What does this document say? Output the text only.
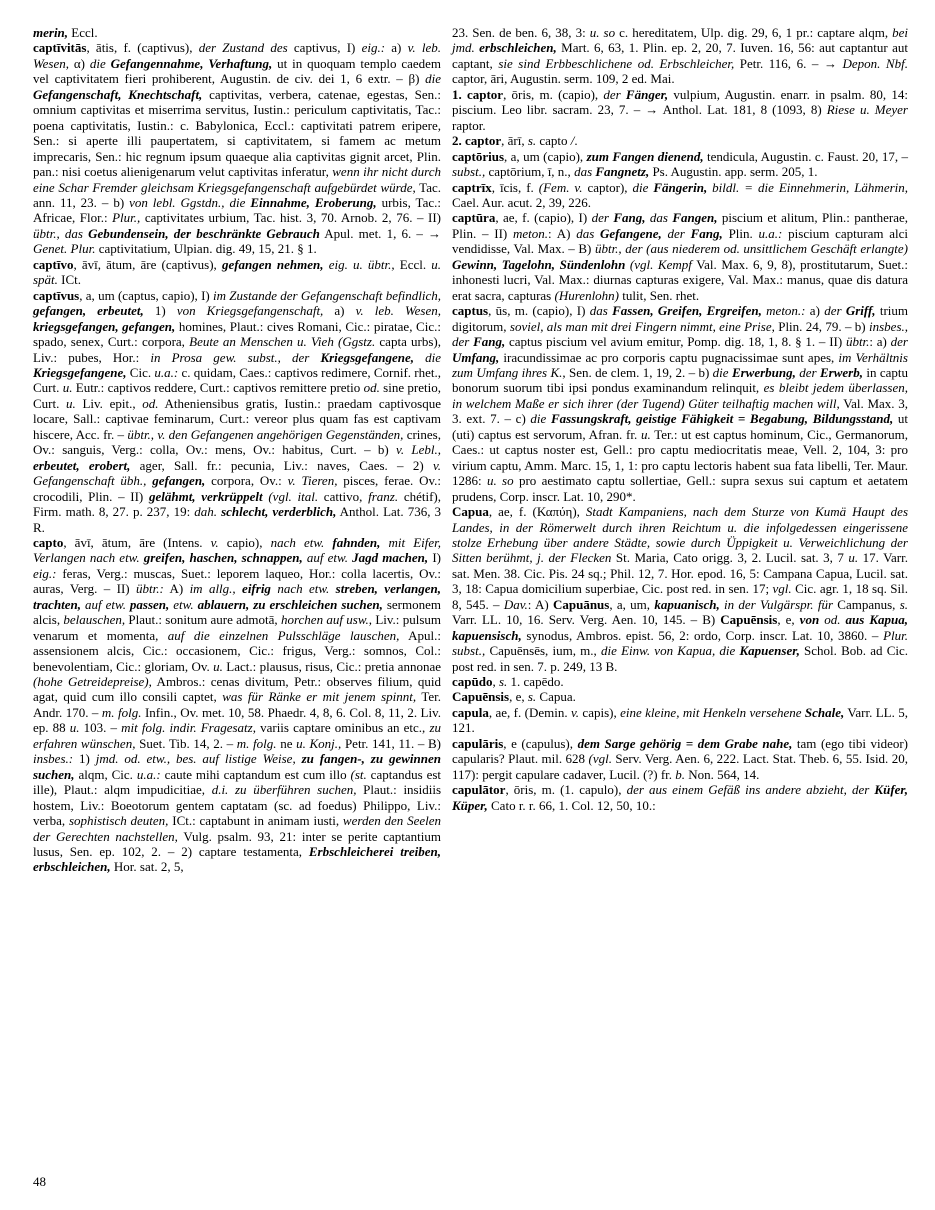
merin, Eccl.

captīvitās, ātis, f. (captivus), der Zustand des captivus, I) eig.: a) v. leb. Wesen, α) die Gefangennahme, Verhaftung, ut in quoquam templo caedem vel captivitatem fieri prohiberent, Augustin. de civ. dei 1, 6 extr. – β) die Gefangenschaft, Knechtschaft, captivitas, verbera, catenae, egestas, Sen.: omnium captivitas et miserrima servitus, Iustin.: periculum captivitatis, Tac.: poena captivitatis, Iustin.: c. Babylonica, Eccl.: captivitati patrem eripere, Sen.: si aperte illi paupertatem, si captivitatem, si famem ac metum imprecaris, Sen.: hic regnum ipsum quaeque alia captivitas gignit arcet, Plin. pan.: nisi coetus alienigenarum velut captivitas inferatur, wenn ihr nicht durch eine Schar Fremder gleichsam Kriegsgefangenschaft aufgebürdet würde, Tac. ann. 11, 23. – b) von lebl. Ggstdn., die Einnahme, Eroberung, urbis, Tac.: Africae, Flor.: Plur., captivitates urbium, Tac. hist. 3, 70. Arnob. 2, 76. – II) übtr., das Gebundensein, der beschränkte Gebrauch Apul. met. 1, 6. – → Genet. Plur. captivitatium, Ulpian. dig. 49, 15, 21. § 1.

captīvo, āvī, ātum, āre (captivus), gefangen nehmen, eig. u. übtr., Eccl. u. spät. ICt.

captīvus, a, um (captus, capio), I) im Zustande der Gefangenschaft befindlich, gefangen, erbeutet, 1) von Kriegsgefangenschaft, a) v. leb. Wesen, kriegsgefangen, gefangen, homines, Plaut.: cives Romani, Cic.: piratae, Cic.: spado, senex, Curt.: corpora, Beute an Menschen u. Vieh (Ggstz. capta urbs), Liv.: pubes, Hor.: in Prosa gew. subst., der Kriegsgefangene, die Kriegsgefangene, Cic. u.a.: c. quidam, Caes.: captivos redimere, Cornif. rhet., Curt. u. Eutr.: captivos reddere, Curt.: captivos remittere pretio od. sine pretio, Curt. u. Liv. epit., od. Atheniensibus gratis, Iustin.: praedam captivosque locare, Sall.: captivae feminarum, Curt.: vereor plus quam fas est captivam hiscere, Acc. fr. – übtr., v. den Gefangenen angehörigen Gegenständen, crines, Ov.: sanguis, Verg.: colla, Ov.: mens, Ov.: habitus, Curt. – b) v. Lebl., erbeutet, erobert, ager, Sall. fr.: pecunia, Liv.: naves, Caes. – 2) v. Gefangenschaft übh., gefangen, corpora, Ov.: v. Tieren, pisces, ferae. Ov.: crocodili, Plin. – II) gelähmt, verkrüppelt (vgl. ital. cattivo, franz. chétif), Firm. math. 8, 27. p. 237, 19: dah. schlecht, verderblich, Anthol. Lat. 736, 3 R.

capto, āvī, ātum, āre (Intens. v. capio), nach etw. fahnden, mit Eifer, Verlangen nach etw. greifen, haschen, schnappen, auf etw. Jagd machen, I) eig.: feras, Verg.: muscas, Suet.: leporem laqueo, Hor.: colla lacertis, Ov.: auras, Verg. – II) übtr.: A) im allg., eifrig nach etw. streben, verlangen, trachten, auf etw. passen, etw. ablauern, zu erschleichen suchen, sermonem alcis, belauschen, Plaut.: sonitum aure admotā, horchen auf usw., Liv.: pulsum venarum et momenta, auf die einzelnen Pulsschläge lauschen, Apul.: assensionem alcis, Cic.: occasionem, Cic.: frigus, Verg.: somnos, Col.: benevolentiam, Cic.: gloriam, Ov. u. Lact.: plausus, risus, Cic.: pretia annonae (hohe Getreidepreise), Ambros.: cenas divitum, Petr.: observes filium, quid agat, quid cum illo consili captet, was für Ränke er mit jenem spinnt, Ter. Andr. 170. – m. folg. Infin., Ov. met. 10, 58. Phaedr. 4, 8, 6. Col. 8, 11, 2. Liv. ep. 88 u. 103. – mit folg. indir. Fragesatz, variis captare ominibus an etc., zu erfahren wünschen, Suet. Tib. 14, 2. – m. folg. ne u. Konj., Petr. 141, 11. – B) insbes.: 1) jmd. od. etw., bes. auf listige Weise, zu fangen-, zu gewinnen suchen, alqm, Cic. u.a.: caute mihi captandum est cum illo (st. captandus est ille), Plaut.: alqm impudicitiae, d.i. zu überführen suchen, Plaut.: insidiis hostem, Liv.: Boeotorum gentem captatam (sc. ad foedus) Philippo, Liv.: verba, sophistisch deuten, ICt.: captabunt in animam iusti, werden den Seelen der Gerechten nachstellen, Vulg. psalm. 93, 21: inter se perite captantium lusus, Sen. ep. 102, 2. – 2) captare testamenta, Erbschleicherei treiben, erbschleichen, Hor. sat. 2, 5,

23. Sen. de ben. 6, 38, 3: u. so c. hereditatem, Ulp. dig. 29, 6, 1 pr.: captare alqm, bei jmd. erbschleichen, Mart. 6, 63, 1. Plin. ep. 2, 20, 7. Iuven. 16, 56: aut captantur aut captant, sie sind Erbbeschlichene od. Erbschleicher, Petr. 116, 6. – → Depon. Nbf. captor, āri, Augustin. serm. 109, 2 ed. Mai.

1. captor, ōris, m. (capio), der Fänger, vulpium, Augustin. enarr. in psalm. 80, 14: piscium. Leo libr. sacram. 23, 7. – → Anthol. Lat. 181, 8 (1093, 8) Riese u. Meyer raptor.

2. captor, ārī, s. capto /.

captōrius, a, um (capio), zum Fangen dienend, tendicula, Augustin. c. Faust. 20, 17, – subst., captōrium, ī, n., das Fangnetz, Ps. Augustin. app. serm. 205, 1.

captrīx, īcis, f. (Fem. v. captor), die Fängerin, bildl. = die Einnehmerin, Lähmerin, Cael. Aur. acut. 2, 39, 226.

captūra, ae, f. (capio), I) der Fang, das Fangen, piscium et alitum, Plin.: pantherae, Plin. – II) meton.: A) das Gefangene, der Fang, Plin. u.a.: piscium capturam alci vendidisse, Val. Max. – B) übtr., der (aus niederem od. unsittlichem Geschäft erlangte) Gewinn, Tagelohn, Sündenlohn (vgl. Kempf Val. Max. 6, 9, 8), prostitutarum, Suet.: inhonesti lucri, Val. Max.: diurnas capturas exigere, Val. Max.: manus, quae dis datura erat sacra, capturas (Hurenlohn) tulit, Sen. rhet.

captus, ūs, m. (capio), I) das Fassen, Greifen, Ergreifen, meton.: a) der Griff, trium digitorum, soviel, als man mit drei Fingern nimmt, eine Prise, Plin. 24, 79. – b) insbes., der Fang, captus piscium vel avium emitur, Pomp. dig. 18, 1, 8. § 1. – II) übtr.: a) der Umfang, iracundissimae ac pro corporis captu pugnacissimae sunt apes, im Verhältnis zum Umfang ihres K., Sen. de clem. 1, 19, 2. – b) die Erwerbung, der Erwerb, in captu bonorum suorum tibi ipsi pondus examinandum relinquit, es bleibt jedem überlassen, in welchem Maße er sich ihrer (der Tugend) Güter teilhaftig machen will, Val. Max. 3, 3. ext. 7. – c) die Fassungskraft, geistige Fähigkeit = Begabung, Bildungsstand, ut (uti) captus est servorum, Afran. fr. u. Ter.: ut est captus hominum, Cic., Germanorum, Caes.: ut captus noster est, Gell.: pro captu mediocritatis meae, Vell. 2, 104, 3: pro virium captu, Amm. Marc. 15, 1, 1: pro captu lectoris habent sua fata libelli, Ter. Maur. 1286: u. so pro aestimato captu sollertiae, Gell.: supra sexus sui captum et aetatem prudens, Corp. inscr. Lat. 10, 290*.

Capua, ae, f. (Καπύη), Stadt Kampaniens, nach dem Sturze von Kumä Haupt des Landes, in der Römerwelt durch ihren Reichtum u. die infolgedessen eingerissene stolze Erhebung über andere Städte, sowie durch Üppigkeit u. Verweichlichung der Sitten berühmt, j. der Flecken St. Maria, Cato origg. 3, 2. Lucil. sat. 3, 7 u. 17. Varr. sat. Men. 38. Cic. Pis. 24 sq.; Phil. 12, 7. Hor. epod. 16, 5: Campana Capua, Lucil. sat. 3, 18: Capua domicilium superbiae, Cic. post red. in sen. 17; vgl. Cic. agr. 1, 18 sq. Sil. 8, 545. – Dav.: A) Capuānus, a, um, kapuanisch, in der Vulgärspr. für Campanus, s. Varr. LL. 10, 16. Serv. Verg. Aen. 10, 145. – B) Capuēnsis, e, von od. aus Kapua, kapuensisch, synodus, Ambros. epist. 56, 2: ordo, Corp. inscr. Lat. 10, 3860. – Plur. subst., Capuēnsēs, ium, m., die Einw. von Kapua, die Kapuenser, Schol. Bob. ad Cic. post red. in sen. 7. p. 249, 13 B.

capūdo, s. 1. capēdo.

Capuēnsis, e, s. Capua.

capula, ae, f. (Demin. v. capis), eine kleine, mit Henkeln versehene Schale, Varr. LL. 5, 121.

capulāris, e (capulus), dem Sarge gehörig = dem Grabe nahe, tam (ego tibi videor) capularis? Plaut. mil. 628 (vgl. Serv. Verg. Aen. 6, 222. Lact. Stat. Theb. 6, 55. Isid. 20, 117): pergit capulare cadaver, Lucil. (?) fr. b. Non. 564, 14.

capulātor, ōris, m. (1. capulo), der aus einem Gefäß ins andere abzieht, der Küfer, Küper, Cato r. r. 66, 1. Col. 12, 50, 10.:

48
